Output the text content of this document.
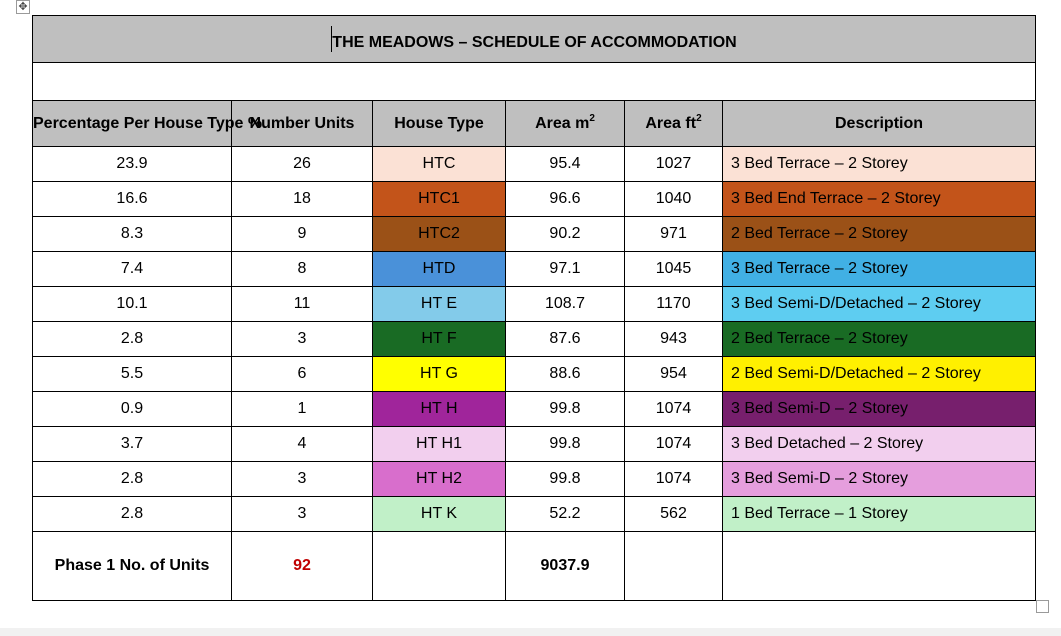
✥
THE MEADOWS – SCHEDULE OF ACCOMMODATION					

Percentage Per House Type %	Number Units	House Type	Area $m^2$	Area $ft^2$	Description
23.9	26	HTC	95.4	1027	3 Bed Terrace – 2 Storey
16.6	18	HTC1	96.6	1040	3 Bed End Terrace – 2 Storey
8.3	9	HTC2	90.2	971	2 Bed Terrace – 2 Storey
7.4	8	HTD	97.1	1045	3 Bed Terrace – 2 Storey
10.1	11	HT E	108.7	1170	3 Bed Semi-D/Detached – 2 Storey
2.8	3	HT F	87.6	943	2 Bed Terrace – 2 Storey
5.5	6	HT G	88.6	954	2 Bed Semi-D/Detached – 2 Storey
0.9	1	HT H	99.8	1074	3 Bed Semi-D – 2 Storey
3.7	4	HT H1	99.8	1074	3 Bed Detached – 2 Storey
2.8	3	HT H2	99.8	1074	3 Bed Semi-D – 2 Storey
2.8	3	HT K	52.2	562	1 Bed Terrace – 1 Storey
Phase 1 No. of Units	92		9037.9		
